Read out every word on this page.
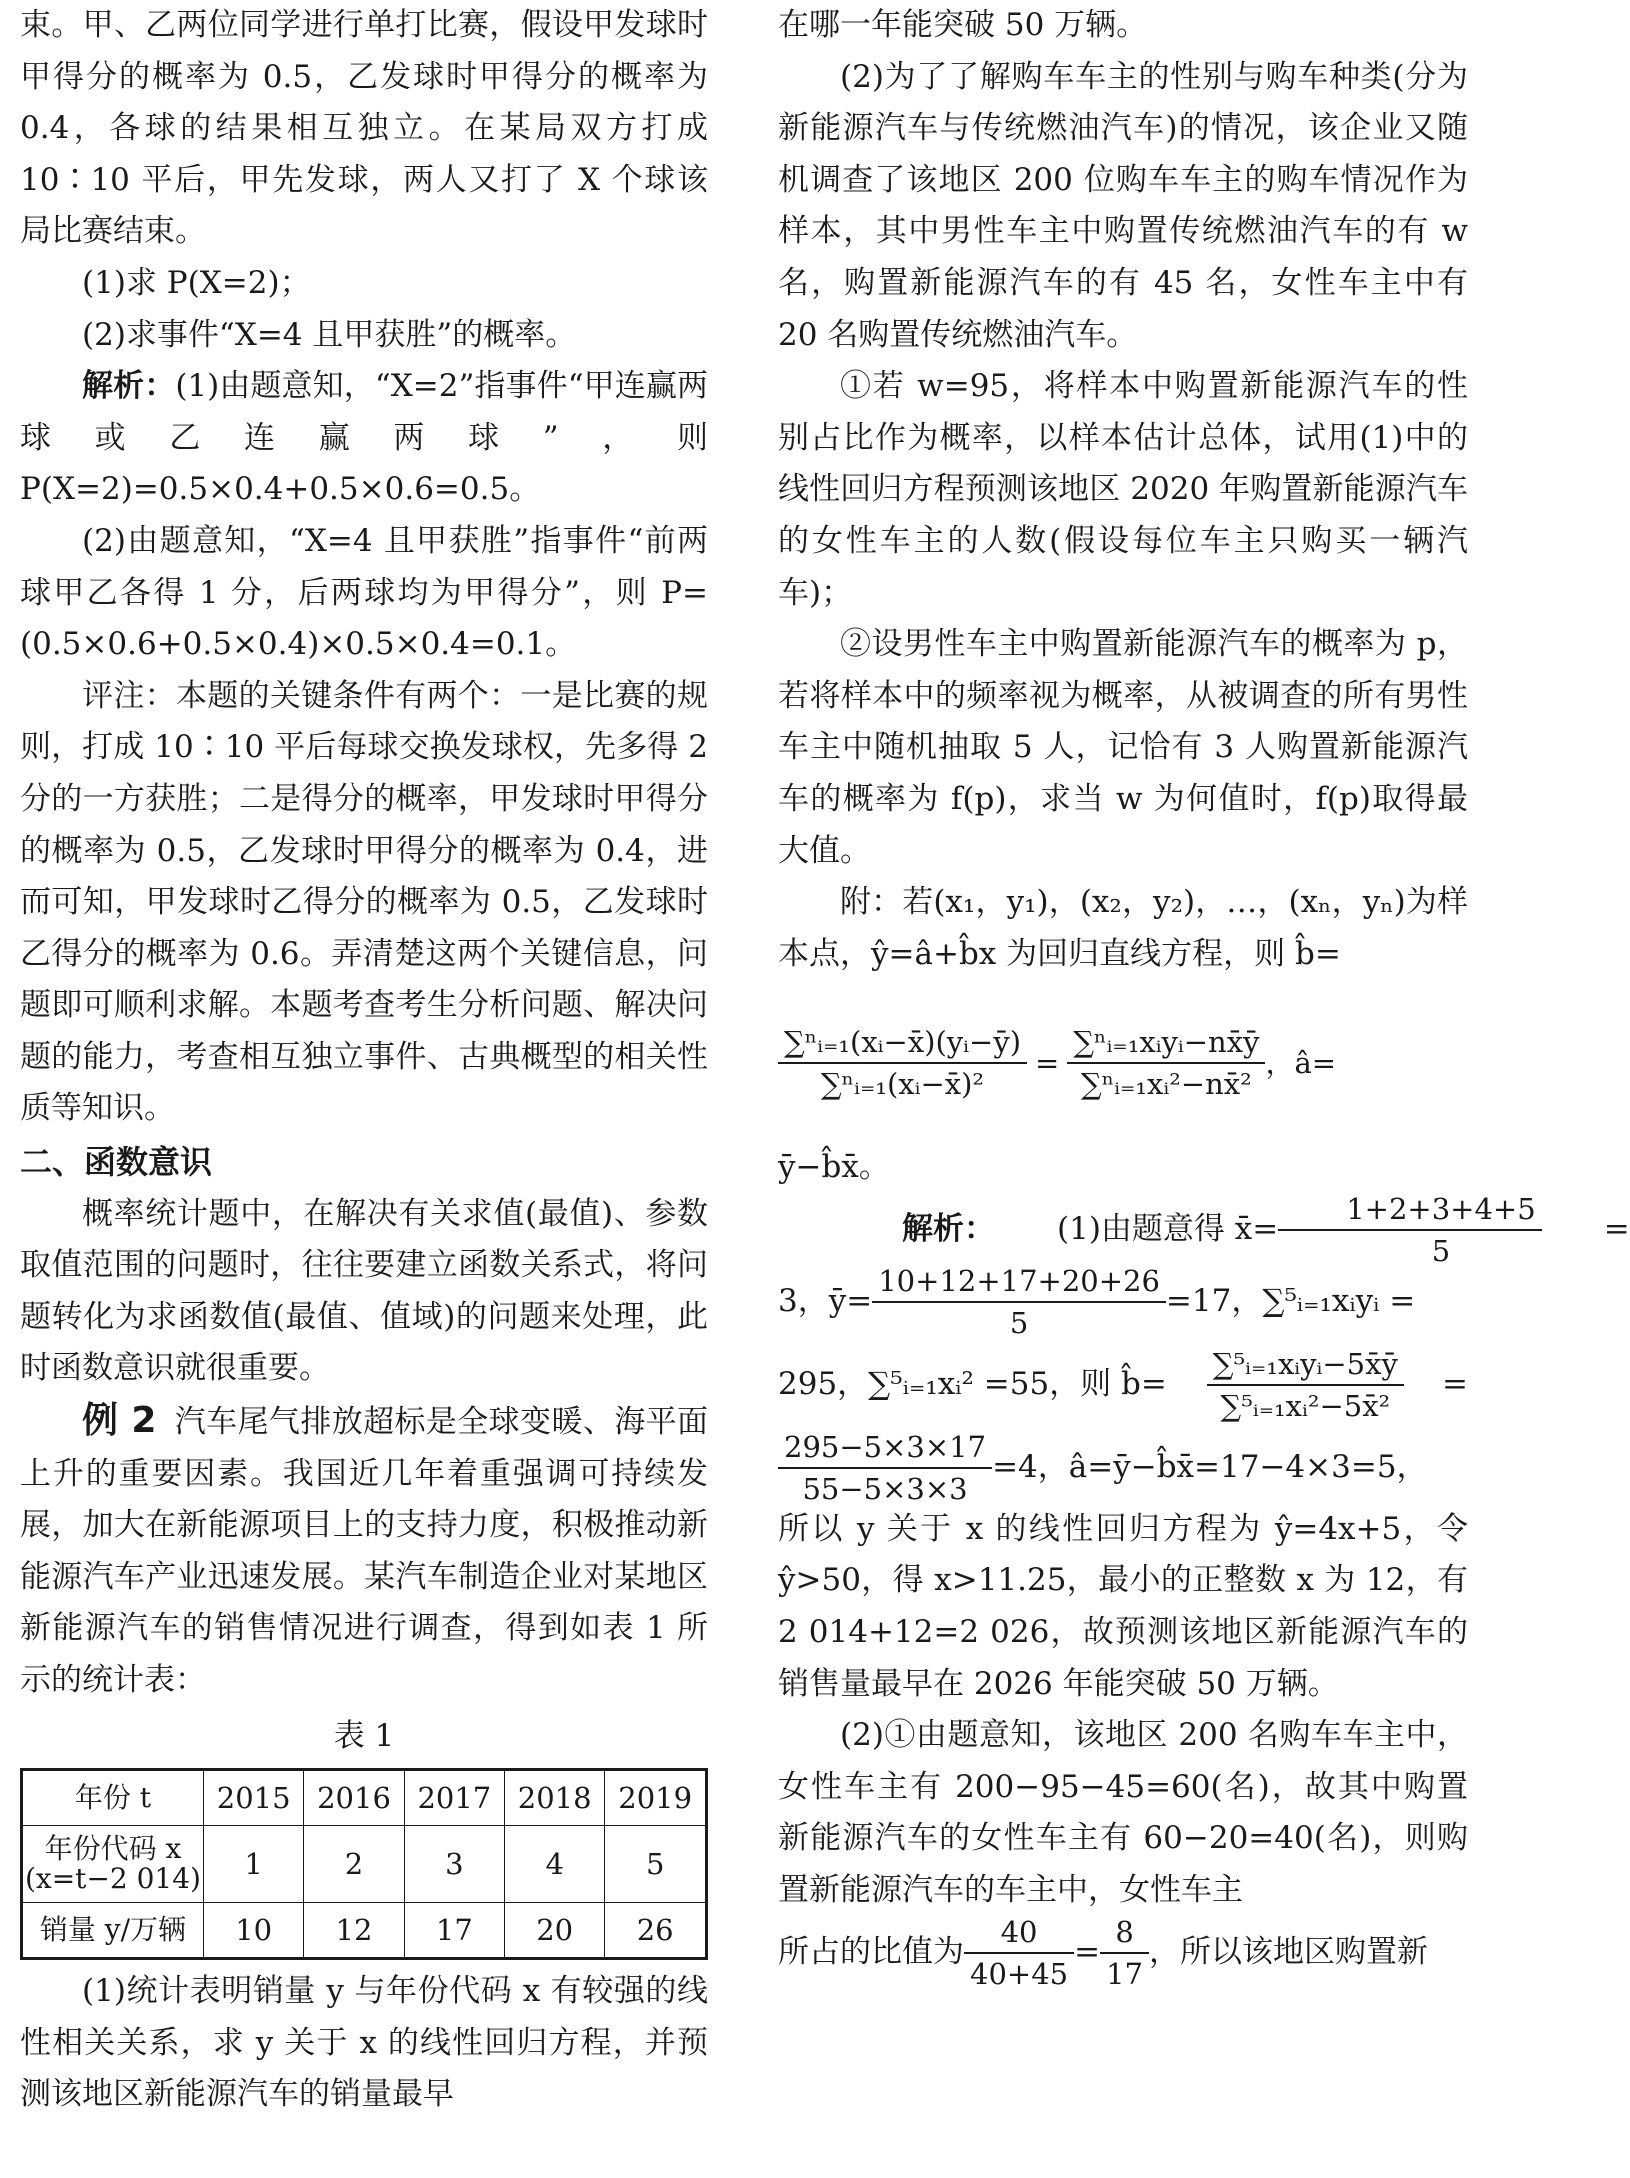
束。甲、乙两位同学进行单打比赛，假设甲发球时甲得分的概率为 0.5，乙发球时甲得分的概率为 0.4，各球的结果相互独立。在某局双方打成 10∶10 平后，甲先发球，两人又打了 X 个球该局比赛结束。

(1)求 P(X=2)；

(2)求事件“X=4 且甲获胜”的概率。

解析：(1)由题意知，“X=2”指事件“甲连赢两球或乙连赢两球”，则 P(X=2)=0.5×0.4+0.5×0.6=0.5。

(2)由题意知，“X=4 且甲获胜”指事件“前两球甲乙各得 1 分，后两球均为甲得分”，则 P=(0.5×0.6+0.5×0.4)×0.5×0.4=0.1。

评注：本题的关键条件有两个：一是比赛的规则，打成 10∶10 平后每球交换发球权，先多得 2 分的一方获胜；二是得分的概率，甲发球时甲得分的概率为 0.5，乙发球时甲得分的概率为 0.4，进而可知，甲发球时乙得分的概率为 0.5，乙发球时乙得分的概率为 0.6。弄清楚这两个关键信息，问题即可顺利求解。本题考查考生分析问题、解决问题的能力，考查相互独立事件、古典概型的相关性质等知识。

二、函数意识

概率统计题中，在解决有关求值(最值)、参数取值范围的问题时，往往要建立函数关系式，将问题转化为求函数值(最值、值域)的问题来处理，此时函数意识就很重要。

例 2 汽车尾气排放超标是全球变暖、海平面上升的重要因素。我国近几年着重强调可持续发展，加大在新能源项目上的支持力度，积极推动新能源汽车产业迅速发展。某汽车制造企业对某地区新能源汽车的销售情况进行调查，得到如表 1 所示的统计表：

表 1

年份 t	2015	2016	2017	2018	2019
年份代码 x
(x=t−2 014)	1	2	3	4	5
销量 y/万辆	10	12	17	20	26

(1)统计表明销量 y 与年份代码 x 有较强的线性相关关系，求 y 关于 x 的线性回归方程，并预测该地区新能源汽车的销量最早

在哪一年能突破 50 万辆。

(2)为了了解购车车主的性别与购车种类(分为新能源汽车与传统燃油汽车)的情况，该企业又随机调查了该地区 200 位购车车主的购车情况作为样本，其中男性车主中购置传统燃油汽车的有 w 名，购置新能源汽车的有 45 名，女性车主中有 20 名购置传统燃油汽车。

①若 w=95，将样本中购置新能源汽车的性别占比作为概率，以样本估计总体，试用(1)中的线性回归方程预测该地区 2020 年购置新能源汽车的女性车主的人数(假设每位车主只购买一辆汽车)；

②设男性车主中购置新能源汽车的概率为 p，若将样本中的频率视为概率，从被调查的所有男性车主中随机抽取 5 人，记恰有 3 人购置新能源汽车的概率为 f(p)，求当 w 为何值时，f(p)取得最大值。

附：若(x₁，y₁)，(x₂，y₂)，…，(xₙ，yₙ)为样本点，ŷ=â+b̂x 为回归直线方程，则 b̂=

$\frac{\text{∑ⁿᵢ₌₁(xᵢ−x̄)(yᵢ−ȳ)}}{\text{∑ⁿᵢ₌₁(xᵢ−x̄)²}} = \frac{\text{∑ⁿᵢ₌₁xᵢyᵢ−nx̄ȳ}}{\text{∑ⁿᵢ₌₁xᵢ²−nx̄²}}$ ，â=

ȳ−b̂x̄。

解析：	(1)由题意得 x̄= $\frac{1+2+3+4+5}{5}$	=
3，ȳ= $\frac{10+12+17+20+26}{5} =17$，∑⁵ᵢ₌₁xᵢyᵢ =
295，∑⁵ᵢ₌₁xᵢ² =55，则 b̂= $\frac{\text{∑⁵ᵢ₌₁xᵢyᵢ−5x̄ȳ}}{\text{∑⁵ᵢ₌₁xᵢ²−5x̄²}}$ =
$\frac{295-5\times 3\times 17}{55-5\times 3\times 3} =4$，â=ȳ−b̂x̄=17−4×3=5，

所以 y 关于 x 的线性回归方程为 ŷ=4x+5，令 ŷ>50，得 x>11.25，最小的正整数 x 为 12，有 2 014+12=2 026，故预测该地区新能源汽车的销售量最早在 2026 年能突破 50 万辆。

(2)①由题意知，该地区 200 名购车车主中，女性车主有 200−95−45=60(名)，故其中购置新能源汽车的女性车主有 60−20=40(名)，则购置新能源汽车的车主中，女性车主

所占的比值为 $\frac{40}{40+45} = \frac{8}{17}$ ，所以该地区购置新
